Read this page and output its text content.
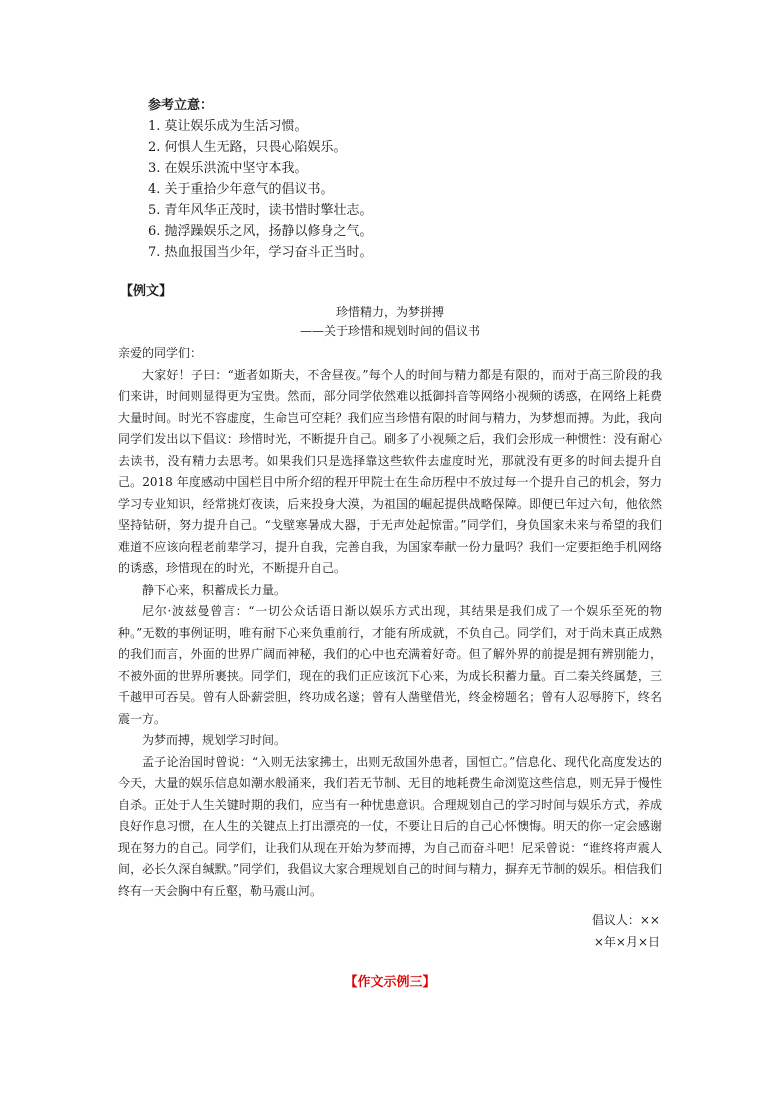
参考立意：
1. 莫让娱乐成为生活习惯。
2. 何惧人生无路，只畏心陷娱乐。
3. 在娱乐洪流中坚守本我。
4. 关于重拾少年意气的倡议书。
5. 青年风华正茂时，读书惜时擎壮志。
6. 抛浮躁娱乐之风，扬静以修身之气。
7. 热血报国当少年，学习奋斗正当时。
【例文】
珍惜精力，为梦拼搏
——关于珍惜和规划时间的倡议书

亲爱的同学们：

大家好！子曰：“逝者如斯夫，不舍昼夜。”每个人的时间与精力都是有限的，而对于高三阶段的我们来讲，时间则显得更为宝贵。然而，部分同学依然难以抵御抖音等网络小视频的诱惑，在网络上耗费大量时间。时光不容虚度，生命岂可空耗？我们应当珍惜有限的时间与精力，为梦想而搏。为此，我向同学们发出以下倡议：珍惜时光，不断提升自己。刷多了小视频之后，我们会形成一种惯性：没有耐心去读书，没有精力去思考。如果我们只是选择靠这些软件去虚度时光，那就没有更多的时间去提升自己。2018 年度感动中国栏目中所介绍的程开甲院士在生命历程中不放过每一个提升自己的机会，努力学习专业知识，经常挑灯夜读，后来投身大漠，为祖国的崛起提供战略保障。即便已年过六旬，他依然坚持钻研，努力提升自己。“戈壁寒暑成大器，于无声处起惊雷。”同学们，身负国家未来与希望的我们难道不应该向程老前辈学习，提升自我，完善自我，为国家奉献一份力量吗？我们一定要拒绝手机网络的诱惑，珍惜现在的时光，不断提升自己。

静下心来，积蓄成长力量。

尼尔·波兹曼曾言：“一切公众话语日渐以娱乐方式出现，其结果是我们成了一个娱乐至死的物种。”无数的事例证明，唯有耐下心来负重前行，才能有所成就，不负自己。同学们，对于尚未真正成熟的我们而言，外面的世界广阔而神秘，我们的心中也充满着好奇。但了解外界的前提是拥有辨别能力，不被外面的世界所裹挟。同学们，现在的我们正应该沉下心来，为成长积蓄力量。百二秦关终属楚，三千越甲可吞吴。曾有人卧薪尝胆，终功成名遂；曾有人凿壁借光，终金榜题名；曾有人忍辱胯下，终名震一方。

为梦而搏，规划学习时间。

孟子论治国时曾说：“入则无法家拂士，出则无敌国外患者，国恒亡。”信息化、现代化高度发达的今天，大量的娱乐信息如潮水般涌来，我们若无节制、无目的地耗费生命浏览这些信息，则无异于慢性自杀。正处于人生关键时期的我们，应当有一种忧患意识。合理规划自己的学习时间与娱乐方式，养成良好作息习惯，在人生的关键点上打出漂亮的一仗，不要让日后的自己心怀懊悔。明天的你一定会感谢现在努力的自己。同学们，让我们从现在开始为梦而搏，为自己而奋斗吧！尼采曾说：“谁终将声震人间，必长久深自缄默。”同学们，我倡议大家合理规划自己的时间与精力，摒弃无节制的娱乐。相信我们终有一天会胸中有丘壑，勒马震山河。

倡议人：××
×年×月×日
【作文示例三】
